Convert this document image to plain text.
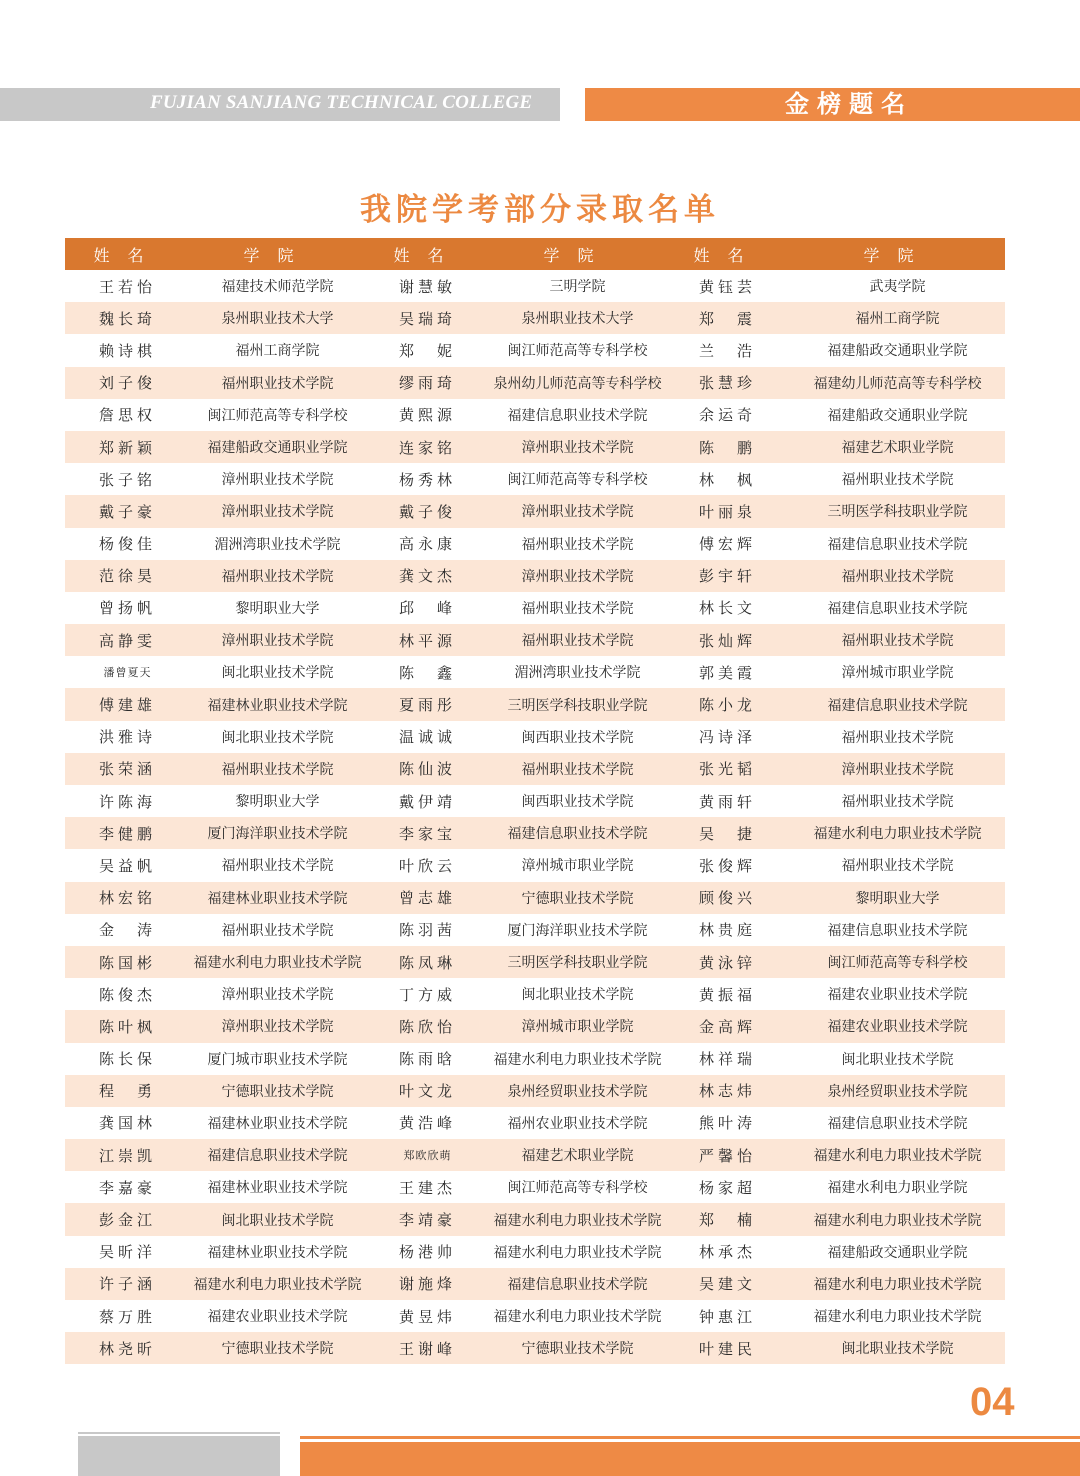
FUJIAN SANJIANG TECHNICAL COLLEGE	金榜题名
我院学考部分录取名单
姓名	学院	姓名	学院	姓名	学院
王若怡	福建技术师范学院	谢慧敏	三明学院	黄钰芸	武夷学院
魏长琦	泉州职业技术大学	吴瑞琦	泉州职业技术大学	郑　震	福州工商学院
赖诗棋	福州工商学院	郑　妮	闽江师范高等专科学校	兰　浩	福建船政交通职业学院
刘子俊	福州职业技术学院	缪雨琦	泉州幼儿师范高等专科学校	张慧珍	福建幼儿师范高等专科学校
詹思权	闽江师范高等专科学校	黄熙源	福建信息职业技术学院	余运奇	福建船政交通职业学院
郑新颖	福建船政交通职业学院	连家铭	漳州职业技术学院	陈　鹏	福建艺术职业学院
张子铭	漳州职业技术学院	杨秀林	闽江师范高等专科学校	林　枫	福州职业技术学院
戴子豪	漳州职业技术学院	戴子俊	漳州职业技术学院	叶丽泉	三明医学科技职业学院
杨俊佳	湄洲湾职业技术学院	高永康	福州职业技术学院	傅宏辉	福建信息职业技术学院
范徐昊	福州职业技术学院	龚文杰	漳州职业技术学院	彭宇轩	福州职业技术学院
曾扬帆	黎明职业大学	邱　峰	福州职业技术学院	林长文	福建信息职业技术学院
高静雯	漳州职业技术学院	林平源	福州职业技术学院	张灿辉	福州职业技术学院
潘曾夏天	闽北职业技术学院	陈　鑫	湄洲湾职业技术学院	郭美霞	漳州城市职业学院
傅建雄	福建林业职业技术学院	夏雨彤	三明医学科技职业学院	陈小龙	福建信息职业技术学院
洪雅诗	闽北职业技术学院	温诚诚	闽西职业技术学院	冯诗泽	福州职业技术学院
张荣涵	福州职业技术学院	陈仙波	福州职业技术学院	张光韬	漳州职业技术学院
许陈海	黎明职业大学	戴伊靖	闽西职业技术学院	黄雨轩	福州职业技术学院
李健鹏	厦门海洋职业技术学院	李家宝	福建信息职业技术学院	吴　捷	福建水利电力职业技术学院
吴益帆	福州职业技术学院	叶欣云	漳州城市职业学院	张俊辉	福州职业技术学院
林宏铭	福建林业职业技术学院	曾志雄	宁德职业技术学院	顾俊兴	黎明职业大学
金　涛	福州职业技术学院	陈羽茜	厦门海洋职业技术学院	林贵庭	福建信息职业技术学院
陈国彬	福建水利电力职业技术学院	陈凤琳	三明医学科技职业学院	黄泳锌	闽江师范高等专科学校
陈俊杰	漳州职业技术学院	丁方威	闽北职业技术学院	黄振福	福建农业职业技术学院
陈叶枫	漳州职业技术学院	陈欣怡	漳州城市职业学院	金高辉	福建农业职业技术学院
陈长保	厦门城市职业技术学院	陈雨晗	福建水利电力职业技术学院	林祥瑞	闽北职业技术学院
程　勇	宁德职业技术学院	叶文龙	泉州经贸职业技术学院	林志炜	泉州经贸职业技术学院
龚国林	福建林业职业技术学院	黄浩峰	福州农业职业技术学院	熊叶涛	福建信息职业技术学院
江崇凯	福建信息职业技术学院	郑欧欣萌	福建艺术职业学院	严馨怡	福建水利电力职业技术学院
李嘉豪	福建林业职业技术学院	王建杰	闽江师范高等专科学校	杨家超	福建水利电力职业学院
彭金江	闽北职业技术学院	李靖豪	福建水利电力职业技术学院	郑　楠	福建水利电力职业技术学院
吴昕洋	福建林业职业技术学院	杨港帅	福建水利电力职业技术学院	林承杰	福建船政交通职业学院
许子涵	福建水利电力职业技术学院	谢施烽	福建信息职业技术学院	吴建文	福建水利电力职业技术学院
蔡万胜	福建农业职业技术学院	黄昱炜	福建水利电力职业技术学院	钟惠江	福建水利电力职业技术学院
林尧昕	宁德职业技术学院	王谢峰	宁德职业技术学院	叶建民	闽北职业技术学院
04
